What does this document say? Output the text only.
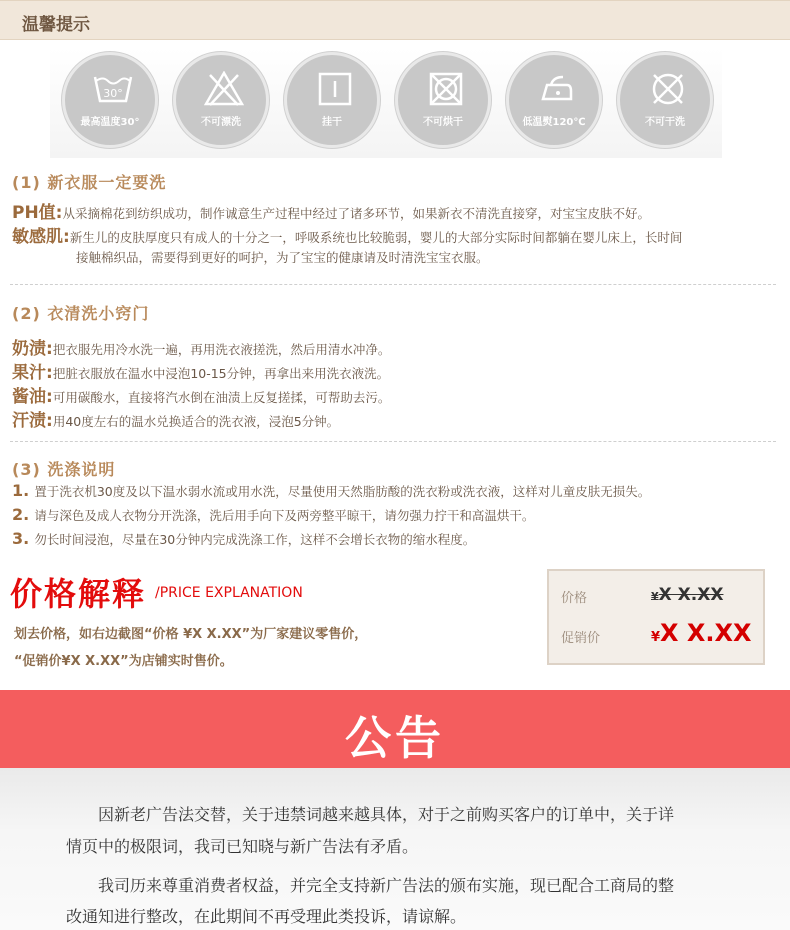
温馨提示
30°
最高温度30°	不可漂洗	挂干	不可烘干	低温熨120℃	不可干洗
(1) 新衣服一定要洗
PH值:从采摘棉花到纺织成功，制作诚意生产过程中经过了诸多环节，如果新衣不清洗直接穿，对宝宝皮肤不好。
敏感肌:新生儿的皮肤厚度只有成人的十分之一，呼吸系统也比较脆弱，婴儿的大部分实际时间都躺在婴儿床上，长时间
接触棉织品，需要得到更好的呵护，为了宝宝的健康请及时清洗宝宝衣服。
(2) 衣清洗小窍门
奶渍:把衣服先用冷水洗一遍，再用洗衣液搓洗，然后用清水冲净。
果汁:把脏衣服放在温水中浸泡10-15分钟，再拿出来用洗衣液洗。
酱油:可用碳酸水，直接将汽水倒在油渍上反复搓揉，可帮助去污。
汗渍:用40度左右的温水兑换适合的洗衣液，浸泡5分钟。
(3) 洗涤说明
1. 置于洗衣机30度及以下温水弱水流或用水洗，尽量使用天然脂肪酸的洗衣粉或洗衣液，这样对儿童皮肤无损失。
2. 请与深色及成人衣物分开洗涤，洗后用手向下及两旁整平晾干，请勿强力拧干和高温烘干。
3. 勿长时间浸泡，尽量在30分钟内完成洗涤工作，这样不会增长衣物的缩水程度。
价格解释 /PRICE EXPLANATION
划去价格，如右边截图“价格 ¥X X.XX”为厂家建议零售价，
“促销价¥X X.XX”为店铺实时售价。
价格	¥X X.XX
促销价	¥X X.XX
公告
因新老广告法交替，关于违禁词越来越具体，对于之前购买客户的订单中，关于详
情页中的极限词，我司已知晓与新广告法有矛盾。
我司历来尊重消费者权益，并完全支持新广告法的颁布实施，现已配合工商局的整
改通知进行整改，在此期间不再受理此类投诉，请谅解。
